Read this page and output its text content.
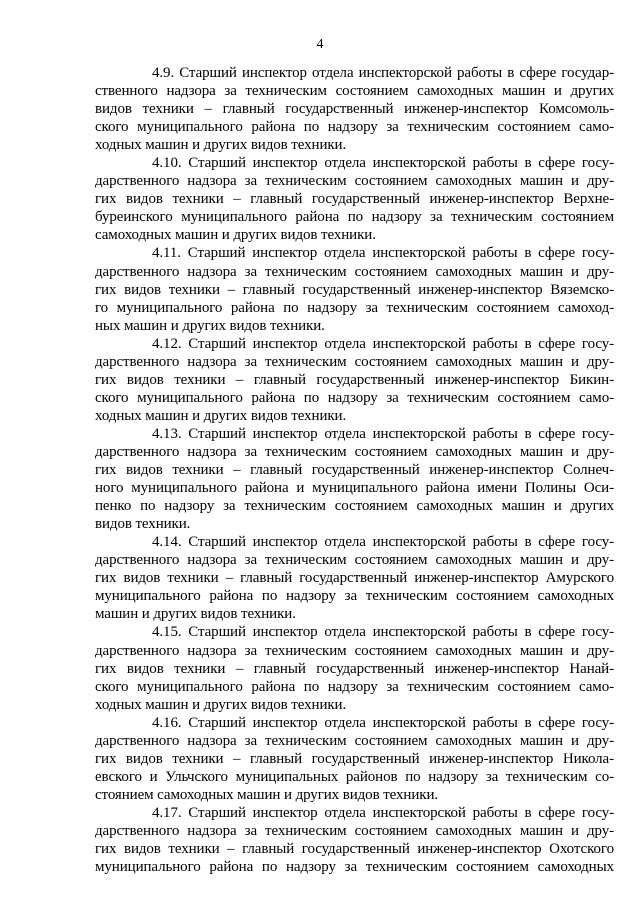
4
4.9. Старший инспектор отдела инспекторской работы в сфере государ-
ственного надзора за техническим состоянием самоходных машин и других
видов техники – главный государственный инженер-инспектор Комсомоль-
ского муниципального района по надзору за техническим состоянием само-
ходных машин и других видов техники.
4.10. Старший инспектор отдела инспекторской работы в сфере госу-
дарственного надзора за техническим состоянием самоходных машин и дру-
гих видов техники – главный государственный инженер-инспектор Верхне-
буреинского муниципального района по надзору за техническим состоянием
самоходных машин и других видов техники.
4.11. Старший инспектор отдела инспекторской работы в сфере госу-
дарственного надзора за техническим состоянием самоходных машин и дру-
гих видов техники – главный государственный инженер-инспектор Вяземско-
го муниципального района по надзору за техническим состоянием самоход-
ных машин и других видов техники.
4.12. Старший инспектор отдела инспекторской работы в сфере госу-
дарственного надзора за техническим состоянием самоходных машин и дру-
гих видов техники – главный государственный инженер-инспектор Бикин-
ского муниципального района по надзору за техническим состоянием само-
ходных машин и других видов техники.
4.13. Старший инспектор отдела инспекторской работы в сфере госу-
дарственного надзора за техническим состоянием самоходных машин и дру-
гих видов техники – главный государственный инженер-инспектор Солнеч-
ного муниципального района и муниципального района имени Полины Оси-
пенко по надзору за техническим состоянием самоходных машин и других
видов техники.
4.14. Старший инспектор отдела инспекторской работы в сфере госу-
дарственного надзора за техническим состоянием самоходных машин и дру-
гих видов техники – главный государственный инженер-инспектор Амурского
муниципального района по надзору за техническим состоянием самоходных
машин и других видов техники.
4.15. Старший инспектор отдела инспекторской работы в сфере госу-
дарственного надзора за техническим состоянием самоходных машин и дру-
гих видов техники – главный государственный инженер-инспектор Нанай-
ского муниципального района по надзору за техническим состоянием само-
ходных машин и других видов техники.
4.16. Старший инспектор отдела инспекторской работы в сфере госу-
дарственного надзора за техническим состоянием самоходных машин и дру-
гих видов техники – главный государственный инженер-инспектор Никола-
евского и Ульчского муниципальных районов по надзору за техническим со-
стоянием самоходных машин и других видов техники.
4.17. Старший инспектор отдела инспекторской работы в сфере госу-
дарственного надзора за техническим состоянием самоходных машин и дру-
гих видов техники – главный государственный инженер-инспектор Охотского
муниципального района по надзору за техническим состоянием самоходных
